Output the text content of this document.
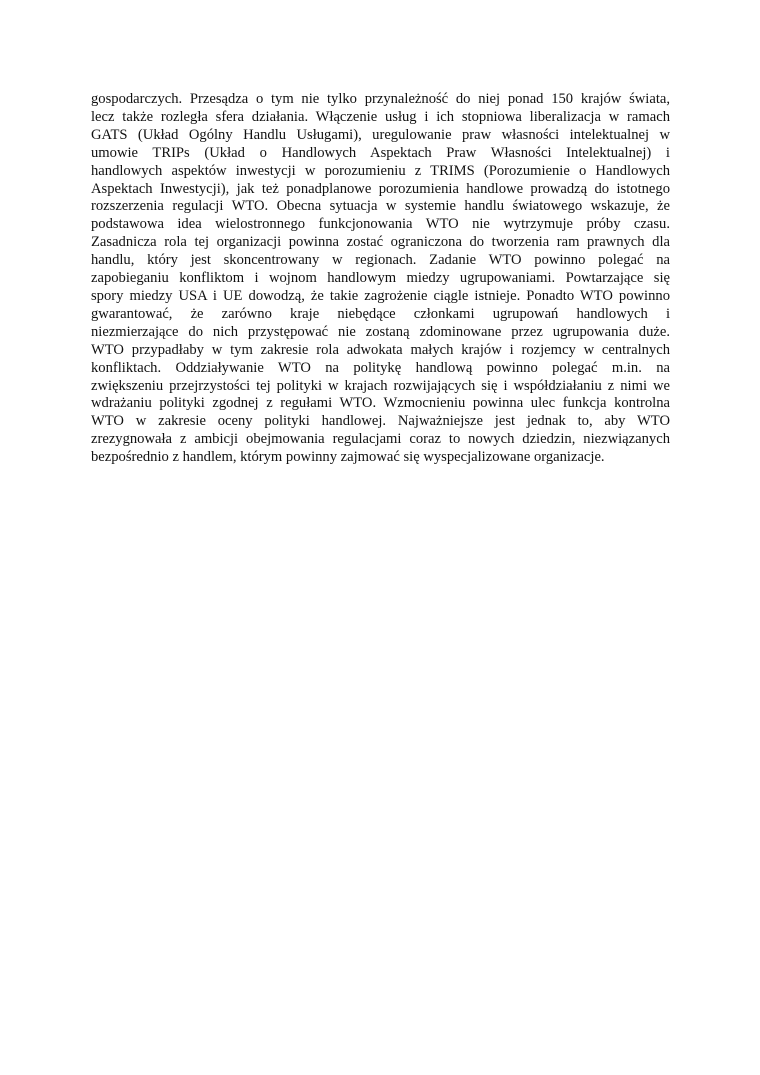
gospodarczych. Przesądza o tym nie tylko przynależność do niej ponad 150 krajów świata,
lecz także rozległa sfera działania. Włączenie usług i ich stopniowa liberalizacja w ramach
GATS (Układ Ogólny Handlu Usługami), uregulowanie praw własności intelektualnej w
umowie TRIPs (Układ o Handlowych Aspektach Praw Własności Intelektualnej) i
handlowych aspektów inwestycji w porozumieniu z TRIMS (Porozumienie o Handlowych
Aspektach Inwestycji), jak też ponadplanowe porozumienia handlowe prowadzą do istotnego
rozszerzenia regulacji WTO. Obecna sytuacja w systemie handlu światowego wskazuje, że
podstawowa idea wielostronnego funkcjonowania WTO nie wytrzymuje próby czasu.
Zasadnicza rola tej organizacji powinna zostać ograniczona do tworzenia ram prawnych dla
handlu, który jest skoncentrowany w regionach. Zadanie WTO powinno polegać na
zapobieganiu konfliktom i wojnom handlowym miedzy ugrupowaniami. Powtarzające się
spory miedzy USA i UE dowodzą, że takie zagrożenie ciągle istnieje. Ponadto WTO powinno
gwarantować, że zarówno kraje niebędące członkami ugrupowań handlowych i
niezmierzające do nich przystępować nie zostaną zdominowane przez ugrupowania duże.
WTO przypadłaby w tym zakresie rola adwokata małych krajów i rozjemcy w centralnych
konfliktach. Oddziaływanie WTO na politykę handlową powinno polegać m.in. na
zwiększeniu przejrzystości tej polityki w krajach rozwijających się i współdziałaniu z nimi we
wdrażaniu polityki zgodnej z regułami WTO. Wzmocnieniu powinna ulec funkcja kontrolna
WTO w zakresie oceny polityki handlowej. Najważniejsze jest jednak to, aby WTO
zrezygnowała z ambicji obejmowania regulacjami coraz to nowych dziedzin, niezwiązanych
bezpośrednio z handlem, którym powinny zajmować się wyspecjalizowane organizacje.
